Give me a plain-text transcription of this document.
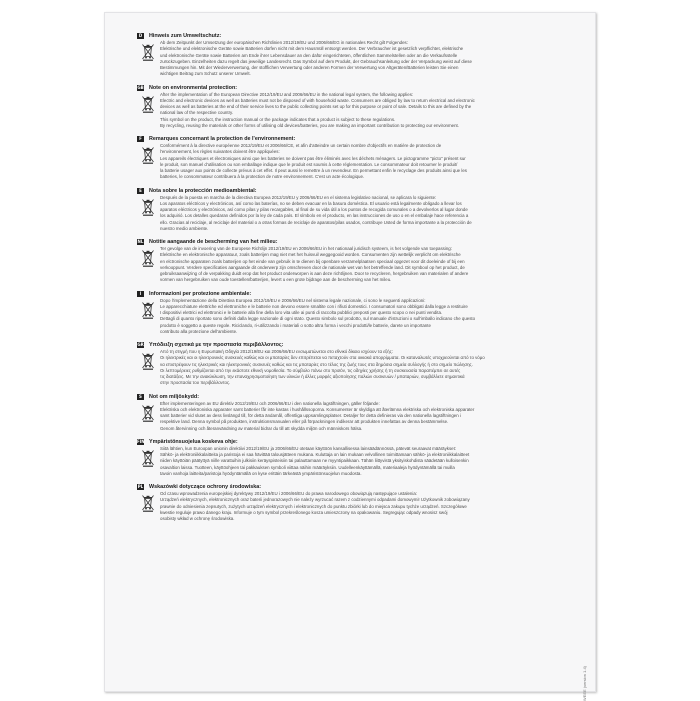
D	Hinweis zum Umweltschutz:

Ab dem Zeitpunkt der Umsetzung der europäischen Richtlinien 2012/19/EU und 2006/66/EG in nationales Recht gilt Folgendes:

Elektrische und elektronische Geräte sowie Batterien dürfen nicht mit dem Hausmüll entsorgt werden. Der Verbraucher ist gesetzlich verpflichtet, elektrische

und elektronische Geräte sowie Batterien am Ende ihrer Lebensdauer an den dafür eingerichteten, öffentlichen Sammelstellen oder an die Verkaufsstelle

zurückzugeben. Einzelheiten dazu regelt das jeweilige Landesrecht. Das Symbol auf dem Produkt, der Gebrauchsanleitung oder der Verpackung weist auf diese

Bestimmungen hin. Mit der Wiederverwertung, der stofflichen Verwertung oder anderen Formen der Verwertung von Altgeräten/Batterien leisten Sie einen

wichtigen Beitrag zum Schutz unserer Umwelt.

GB Note on environmental protection:

After the implementation of the European Directive 2012/19/EU and 2006/66/EU in the national legal system, the following applies:

Electric and electronic devices as well as batteries must not be disposed of with household waste. Consumers are obliged by law to return electrical and electronic

devices as well as batteries at the end of their service lives to the public collecting points set up for this purpose or point of sale. Details to this are defined by the

national law of the respective country.

This symbol on the product, the instruction manual or the package indicates that a product is subject to these regulations.

By recycling, reusing the materials or other forms of utilising old devices/batteries, you are making an important contribution to protecting our environment.

F	Remarques concernant la protection de l'environnement:

Conformément à la directive européenne 2012/19/EU et 2006/66/CE, et afin d'atteindre un certain nombre d'objectifs en matière de protection de

l'environnement, les règles suivantes doivent être appliquées:

Les appareils électriques et électroniques ainsi que les batteries ne doivent pas être éliminés avec les déchets ménagers. Le pictogramme "picto" présent sur

le produit, son manuel d'utilisation ou son emballage indique que le produit est soumis à cette réglementation. Le consommateur doit retourner le produit/

la batterie usager aux points de collecte prévus à cet effet. Il peut aussi le remettre à un revendeur. En permettant enfin le recyclage des produits ainsi que les

batteries, le consommateur contribuera à la protection de notre environnement. C'est un acte écologique.

E	Nota sobre la protección medioambiental:

Después de la puesta en marcha de la directiva Europea 2012/19/EU y 2006/66/EU en el sistema legislativo nacional, se aplicara lo siguiente:

Los aparatos eléctricos y electrónicos, así como las baterías, no se deben evacuar en la basura doméstica. El usuario está legalmente obligado a llevar los

aparatos eléctricos y electrónicos, así como pilas y pilas recargables, al final de su vida útil a los puntos de recogida comunales o a devolverlos al lugar donde

los adquirió. Los detalles quedaran definidos por la ley de cada país. El símbolo en el producto, en las instrucciones de uso o en el embalaje hace referencia a

ello. Gracias al reciclaje, al reciclaje del material o a otras formas de reciclaje de aparatos/pilas usados, contribuye Usted de forma importante a la protección de

nuestro medio ambiente.

NL Notitie aangaande de bescherming van het milieu:

Ter gevolge van de invoering van de Europese Richtlijn 2012/19/EU en 2006/66/EU in het nationaal juridisch systeem, is het volgende van toepassing:

Elektrische en elektronische apparatuur, zoals batterijen mag niet met het huisvuil weggegooid worden. Consumenten zijn wettelijk verplicht om elektrische

en elctronische apparaten zoals batterijen op het einde van gebruik in te dienen bij openbare verzamelplaatsen speciaal opgezet voor dit doeleinde of bij een

verkooppunt. Verdere specificaties aangaande dit onderwerp zijn omschreven door de nationale wet van het betreffende land. Dit symbool op het product, de

gebruiksaanwijzing of de verpakking duidt erop dat het product onderworpen is aan deze richtlijnen. Door te recycleren, hergebruiken van materialen of andere

vormen van hergebruiken van oude toestellen/batterijen, levert u een grote bijdrage aan de bescherming van het mileu.

I	Informazioni per protezione ambientale:

Dopo l'implementazione della Direttiva Europea 2012/19/EU e 2006/66/EU nel sistema legale nazionale, ci sono le seguenti applicazioni:

Le apparecchiature elettriche ed elettroniche e le batterie non devono essere smaltite con i rifiuti domestici. I consumatori sono obbligati dalla legge a restituire

I dispositivi elettrici ed elettronici e le batterie alla fine della loro vita utile ai punti di raccolta pubblici preposti per questo scopo o nei punti vendita.

Dettagli di quanto riportato sono definiti dalla legge nazionale di ogni stato. Questo simbolo sul prodotto, sul manuale d'istruzioni o sull'imballo indicano che questo

prodotto è soggetto a queste regole. Riciclando, ri-utilizzando i materiali o sotto altra forma i vecchi prodotti/le batterie, darete un importante

contributo alla protezione dell'ambiente.

GR Υπόδειξη σχετικά με την προστασία περιβάλλοντος:

Από τη στιγμή που η Ευρωπαϊκή Οδηγία 2012/19/EU και 2006/66/EU ενσωματώνεται στο εθνικό δίκαιο ισχύουν τα εξής:

Οι ηλεκτρικές και οι ηλεκτρονικές συσκευές καθώς και οι μπαταρίες δεν επιτρέπεται να πεταχτούν στα οικιακά απορρίμματα. Οι καταναλωτές υποχρεούνται από το νόμο

να επιστρέφουν τις ηλεκτρικές και ηλεκτρονικές συσκευές καθώς και τις μπαταρίες στο τέλος της ζωής τους στα δημόσια σημεία συλλογής ή στο σημείο πώλησης.

Οι λεπτομέρειες ρυθμίζονται από την εκάστοτε εθνική νομοθεσία. Το σύμβολο πάνω στο προϊόν, τις οδηγίες χρήσης ή τη συσκευασία παραπέμπει σε αυτές

τις διατάξεις. Με την ανακύκλωση, την επαναχρησιμοποίηση των υλικών ή άλλες μορφές αξιοποίησης παλιών συσκευών / μπαταριών, συμβάλλετε σημαντικά

στην προστασία του περιβάλλοντος.

S	Not om miljöskydd:

Efter implementeringen av EU direktiv 2012/19/EU och 2006/66/EU i den nationella lagstiftningen, gäller följande:

Elektriska och elektroniska apparater samt batterier får inte kastas i hushållssoporna. Konsumenter är skyldiga att återlämna elektriska och elektroniska apparater

samt batterier vid slutet av dess livslängd till, för detta ändamål, offentliga uppsamlingsplatser. Detaljer för detta definieras via den nationella lagstiftningen i

respektive land. Denna symbol på produkten, instruktionsmanualen eller på förpackningen indikerar att produkten innefattas av denna bestämmelse.

Genom återvinning och återanvändning av material bidrar du till att skydda miljön och människors hälsa.

FIN Ympäristönsuojelua koskeva ohje:

Siitä lähtien, kun Euroopan unionin direktiivi 2012/19/EU ja 2006/66/EU otetaan käyttöön kansallisessa lainsäädännössä, pätevät seuraavat määräykset:

Sähkö- ja elektroniikkalaitteita ja paristoja ei saa hävittää talousjätteen mukana. Kuluttaja on lain mukaan velvollinen toimittamaan sähkö- ja elektroniikkalaitteet

niiden käyttöiän päätyttyä niille varattuihin julkisiin keräyspisteisiin tai palauttamaan ne myyntipaikkaan. Tähän liittyvistä yksityiskohdista säädetään kulloisenkin

osavaltion laissa. Tuotteen, käyttöohjeen tai pakkauksen symboli viittaa näihin määräyksiin. Uudelleenkäyttämällä, materiaaleja hyödyntämällä tai muilla

tavoin vanhoja laitteita/paristoja hyödyntämällä on kyse erittäin tärkeästä ympäristönsuojelun muodosta.

PL Wskazówki dotyczące ochrony środowiska:

Od czasu wprowadzenia europejskiej dyrektywy 2012/19/EU i 2006/66/EU do prawa narodowego obowiązują następujące ustalenia:

Urządzeń elektrycznych, elektronicznych oraz baterii jednorazowych nie należy wyrzucać razem z codziennymi odpadami domowymi! Użytkownik zobowiązany

prawnie do odniesienia zepsutych, zużytych urządzeń elektrycznych i elektronicznych do punktu zbiórki lub do miejsca zakupu tychże urządzeń. Szczegółowe

kwestie reguluje prawo danego kraju. Informuje o tym symbol przekreślonego kosza umieszczony na opakowaniu. Segregując odpady wnosisz swój

osobisty wkład w ochronę środowiska.

WEEE (version 1.4)
